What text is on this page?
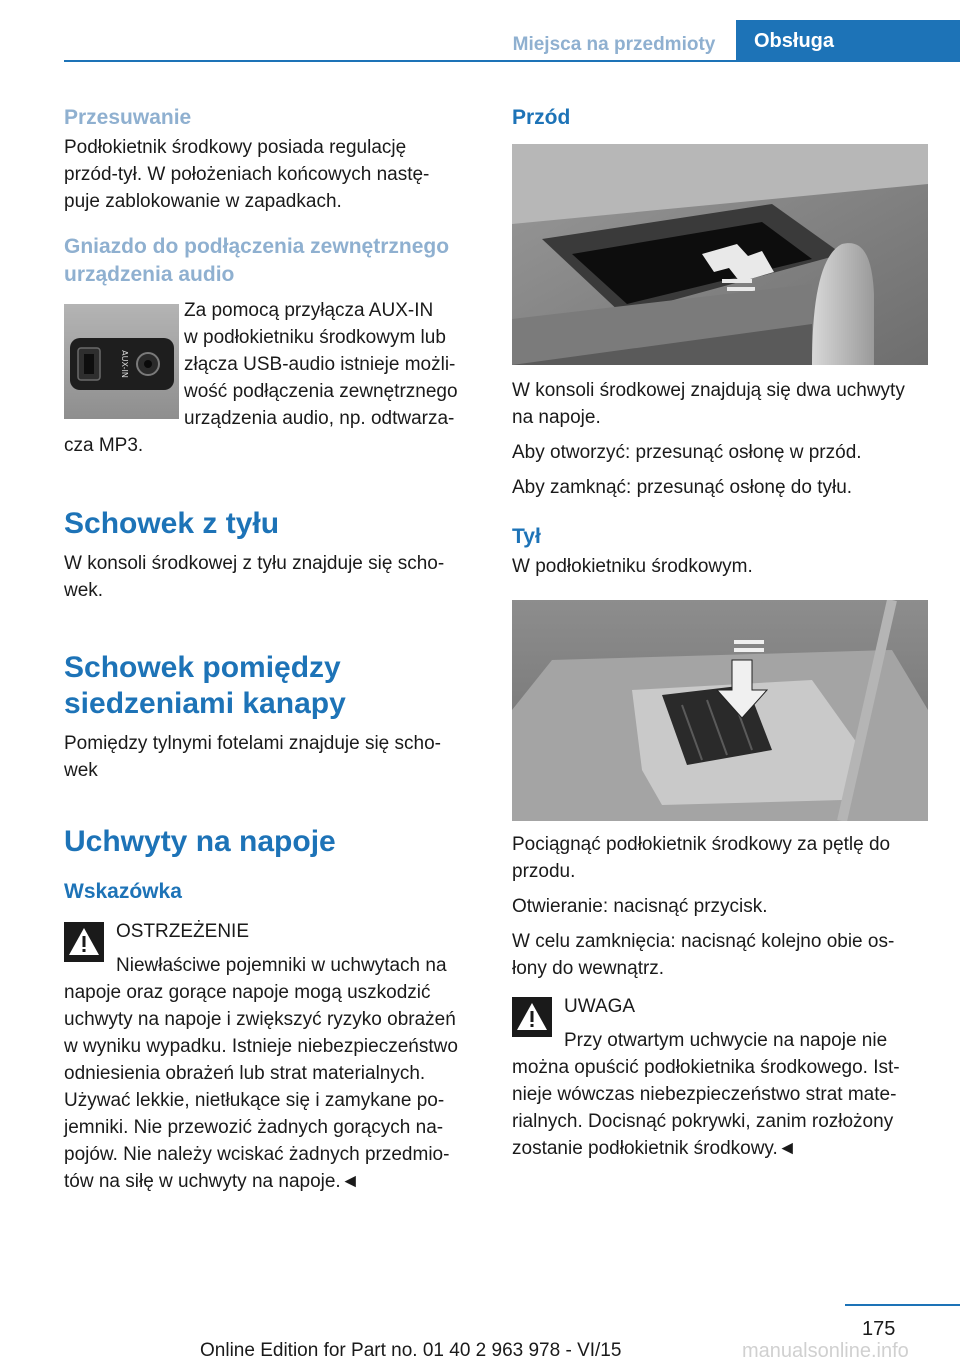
Miejsca na przedmioty	Obsługa

Przesuwanie

Podłokietnik środkowy posiada regulację

przód-tył. W położeniach końcowych nastę-

puje zablokowanie w zapadkach.

Gniazdo do podłączenia zewnętrznego

urządzenia audio

AUX-IN

Za pomocą przyłącza AUX-IN

w podłokietniku środkowym lub

złącza USB-audio istnieje możli-

wość podłączenia zewnętrznego

urządzenia audio, np. odtwarza-

cza MP3.

Schowek z tyłu

W konsoli środkowej z tyłu znajduje się scho-

wek.

Schowek pomiędzy

siedzeniami kanapy

Pomiędzy tylnymi fotelami znajduje się scho-

wek

Uchwyty na napoje

Wskazówka

OSTRZEŻENIE

Niewłaściwe pojemniki w uchwytach na

napoje oraz gorące napoje mogą uszkodzić

uchwyty na napoje i zwiększyć ryzyko obrażeń

w wyniku wypadku. Istnieje niebezpieczeństwo

odniesienia obrażeń lub strat materialnych.

Używać lekkie, nietłukące się i zamykane po-

jemniki. Nie przewozić żadnych gorących na-

pojów. Nie należy wciskać żadnych przedmio-

tów na siłę w uchwyty na napoje.◄

Przód

W konsoli środkowej znajdują się dwa uchwyty

na napoje.

Aby otworzyć: przesunąć osłonę w przód.

Aby zamknąć: przesunąć osłonę do tyłu.

Tył

W podłokietniku środkowym.

Pociągnąć podłokietnik środkowy za pętlę do

przodu.

Otwieranie: nacisnąć przycisk.

W celu zamknięcia: nacisnąć kolejno obie os-

łony do wewnątrz.

UWAGA

Przy otwartym uchwycie na napoje nie

można opuścić podłokietnika środkowego. Ist-

nieje wówczas niebezpieczeństwo strat mate-

rialnych. Docisnąć pokrywki, zanim rozłożony

zostanie podłokietnik środkowy.◄

175

Online Edition for Part no. 01 40 2 963 978 - VI/15	manualsonline.info
